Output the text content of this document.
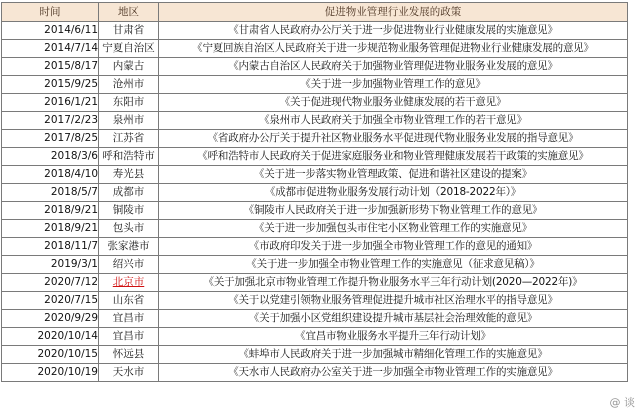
时间	地区	促进物业管理行业发展的政策
2014/6/11	甘肃省	《甘肃省人民政府办公厅关于进一步促进物业行业健康发展的实施意见》
2014/7/14	宁夏自治区	《宁夏回族自治区人民政府关于进一步规范物业服务管理促进物业行业健康发展的意见》
2015/8/17	内蒙古	《内蒙古自治区人民政府关于加强物业管理促进物业服务业发展的意见》
2015/9/25	沧州市	《关于进一步加强物业管理工作的意见》
2016/1/21	东阳市	《关于促进现代物业服务业健康发展的若干意见》
2017/2/23	泉州市	《泉州市人民政府关于加强全市物业管理工作的若干意见》
2017/8/25	江苏省	《省政府办公厅关于提升社区物业服务水平促进现代物业服务业发展的指导意见》
2018/3/6	呼和浩特市	《呼和浩特市人民政府关于促进家庭服务业和物业管理健康发展若干政策的实施意见》
2018/4/10	寿光县	《关于进一步落实物业管理政策、促进和谐社区建设的提案》
2018/5/7	成都市	《成都市促进物业服务发展行动计划（2018-2022年）》
2018/9/21	铜陵市	《铜陵市人民政府关于进一步加强新形势下物业管理工作的意见》
2018/9/21	包头市	《关于进一步加强包头市住宅小区物业管理工作的实施意见》
2018/11/7	张家港市	《市政府印发关于进一步加强全市物业管理工作的意见的通知》
2019/3/1	绍兴市	《关于进一步加强全市物业管理工作的实施意见（征求意见稿）》
2020/7/12	北京市	《关于加强北京市物业管理工作提升物业服务水平三年行动计划(2020—2022年)》
2020/7/15	山东省	《关于以党建引领物业服务管理促进提升城市社区治理水平的指导意见》
2020/9/29	宜昌市	《关于加强小区党组织建设提升城市基层社会治理效能的意见》
2020/10/14	宜昌市	《宜昌市物业服务水平提升三年行动计划》
2020/10/15	怀远县	《蚌埠市人民政府关于进一步加强城市精细化管理工作的实施意见》
2020/10/19	天水市	《天水市人民政府办公室关于进一步加强全市物业管理工作的实施意见》
@ 谈
